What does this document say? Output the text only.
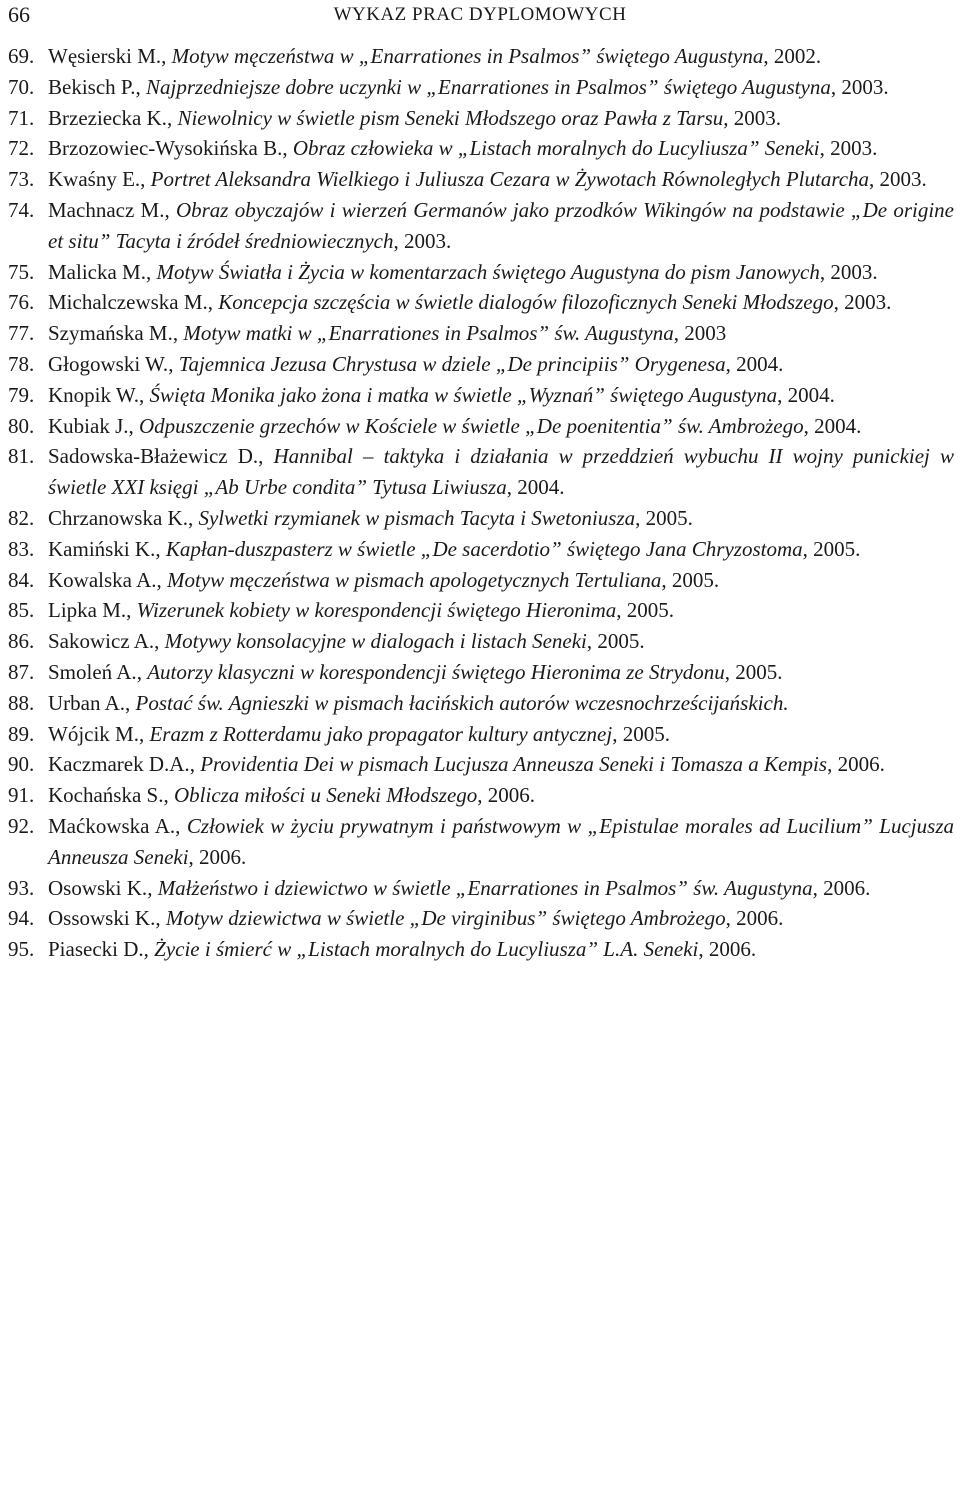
66	WYKAZ PRAC DYPLOMOWYCH
69. Węsierski M., Motyw męczeństwa w „Enarrationes in Psalmos” świętego Augustyna, 2002.
70. Bekisch P., Najprzedniejsze dobre uczynki w „Enarrationes in Psalmos” świętego Augustyna, 2003.
71. Brzeziecka K., Niewolnicy w świetle pism Seneki Młodszego oraz Pawła z Tarsu, 2003.
72. Brzozowiec-Wysokińska B., Obraz człowieka w „Listach moralnych do Lucyliusza” Seneki, 2003.
73. Kwaśny E., Portret Aleksandra Wielkiego i Juliusza Cezara w Żywotach Równoległych Plutarcha, 2003.
74. Machnacz M., Obraz obyczajów i wierzeń Germanów jako przodków Wikingów na podstawie „De origine et situ” Tacyta i źródeł średniowiecznych, 2003.
75. Malicka M., Motyw Światła i Życia w komentarzach świętego Augustyna do pism Janowych, 2003.
76. Michalczewska M., Koncepcja szczęścia w świetle dialogów filozoficznych Seneki Młodszego, 2003.
77. Szymańska M., Motyw matki w „Enarrationes in Psalmos” św. Augustyna, 2003
78. Głogowski W., Tajemnica Jezusa Chrystusa w dziele „De principiis” Orygenesa, 2004.
79. Knopik W., Święta Monika jako żona i matka w świetle „Wyznań” świętego Augustyna, 2004.
80. Kubiak J., Odpuszczenie grzechów w Kościele w świetle „De poenitentia” św. Ambrożego, 2004.
81. Sadowska-Błażewicz D., Hannibal – taktyka i działania w przeddzień wybuchu II wojny punickiej w świetle XXI księgi „Ab Urbe condita” Tytusa Liwiusza, 2004.
82. Chrzanowska K., Sylwetki rzymianek w pismach Tacyta i Swetoniusza, 2005.
83. Kamiński K., Kapłan-duszpasterz w świetle „De sacerdotio” świętego Jana Chryzostoma, 2005.
84. Kowalska A., Motyw męczeństwa w pismach apologetycznych Tertuliana, 2005.
85. Lipka M., Wizerunek kobiety w korespondencji świętego Hieronima, 2005.
86. Sakowicz A., Motywy konsolacyjne w dialogach i listach Seneki, 2005.
87. Smoleń A., Autorzy klasyczni w korespondencji świętego Hieronima ze Strydonu, 2005.
88. Urban A., Postać św. Agnieszki w pismach łacińskich autorów wczesnochrześcijańskich.
89. Wójcik M., Erazm z Rotterdamu jako propagator kultury antycznej, 2005.
90. Kaczmarek D.A., Providentia Dei w pismach Lucjusza Anneusza Seneki i Tomasza a Kempis, 2006.
91. Kochańska S., Oblicza miłości u Seneki Młodszego, 2006.
92. Maćkowska A., Człowiek w życiu prywatnym i państwowym w „Epistulae morales ad Lucilium” Lucjusza Anneusza Seneki, 2006.
93. Osowski K., Małżeństwo i dziewictwo w świetle „Enarrationes in Psalmos” św. Augustyna, 2006.
94. Ossowski K., Motyw dziewictwa w świetle „De virginibus” świętego Ambrożego, 2006.
95. Piasecki D., Życie i śmierć w „Listach moralnych do Lucyliusza” L.A. Seneki, 2006.
